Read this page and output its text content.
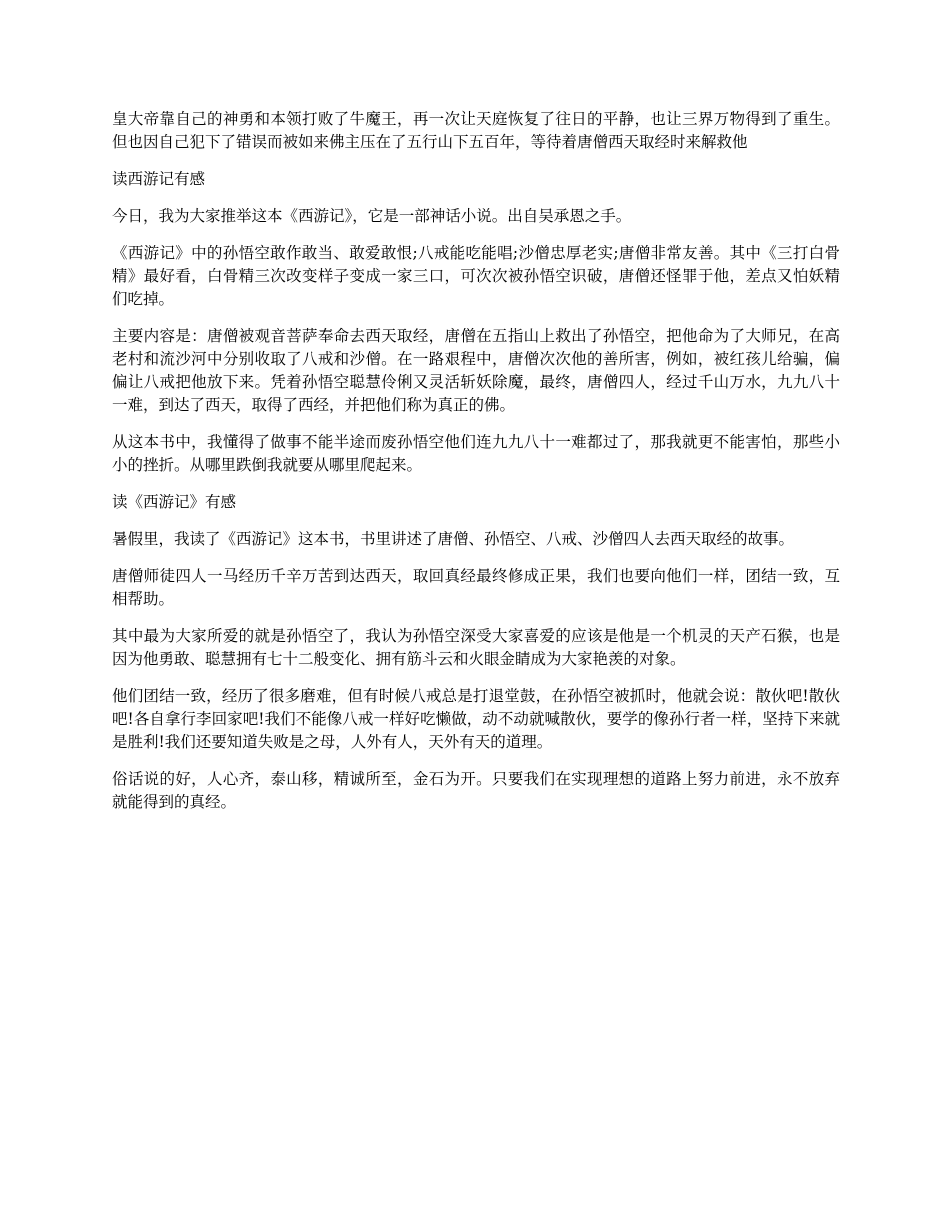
皇大帝靠自己的神勇和本领打败了牛魔王，再一次让天庭恢复了往日的平静，也让三界万物得到了重生。但也因自己犯下了错误而被如来佛主压在了五行山下五百年，等待着唐僧西天取经时来解救他

读西游记有感

今日，我为大家推举这本《西游记》，它是一部神话小说。出自吴承恩之手。

《西游记》中的孙悟空敢作敢当、敢爱敢恨;八戒能吃能唱;沙僧忠厚老实;唐僧非常友善。其中《三打白骨精》最好看，白骨精三次改变样子变成一家三口，可次次被孙悟空识破，唐僧还怪罪于他，差点又怕妖精们吃掉。

主要内容是：唐僧被观音菩萨奉命去西天取经，唐僧在五指山上救出了孙悟空，把他命为了大师兄，在高老村和流沙河中分别收取了八戒和沙僧。在一路艰程中，唐僧次次他的善所害，例如，被红孩儿给骗，偏偏让八戒把他放下来。凭着孙悟空聪慧伶俐又灵活斩妖除魔，最终，唐僧四人，经过千山万水，九九八十一难，到达了西天，取得了西经，并把他们称为真正的佛。

从这本书中，我懂得了做事不能半途而废孙悟空他们连九九八十一难都过了，那我就更不能害怕，那些小小的挫折。从哪里跌倒我就要从哪里爬起来。

读《西游记》有感

暑假里，我读了《西游记》这本书，书里讲述了唐僧、孙悟空、八戒、沙僧四人去西天取经的故事。

唐僧师徒四人一马经历千辛万苦到达西天，取回真经最终修成正果，我们也要向他们一样，团结一致，互相帮助。

其中最为大家所爱的就是孙悟空了，我认为孙悟空深受大家喜爱的应该是他是一个机灵的天产石猴，也是因为他勇敢、聪慧拥有七十二般变化、拥有筋斗云和火眼金睛成为大家艳羡的对象。

他们团结一致，经历了很多磨难，但有时候八戒总是打退堂鼓，在孙悟空被抓时，他就会说：散伙吧!散伙吧!各自拿行李回家吧!我们不能像八戒一样好吃懒做，动不动就喊散伙，要学的像孙行者一样，坚持下来就是胜利!我们还要知道失败是之母，人外有人，天外有天的道理。

俗话说的好，人心齐，泰山移，精诚所至，金石为开。只要我们在实现理想的道路上努力前进，永不放弃就能得到的真经。
